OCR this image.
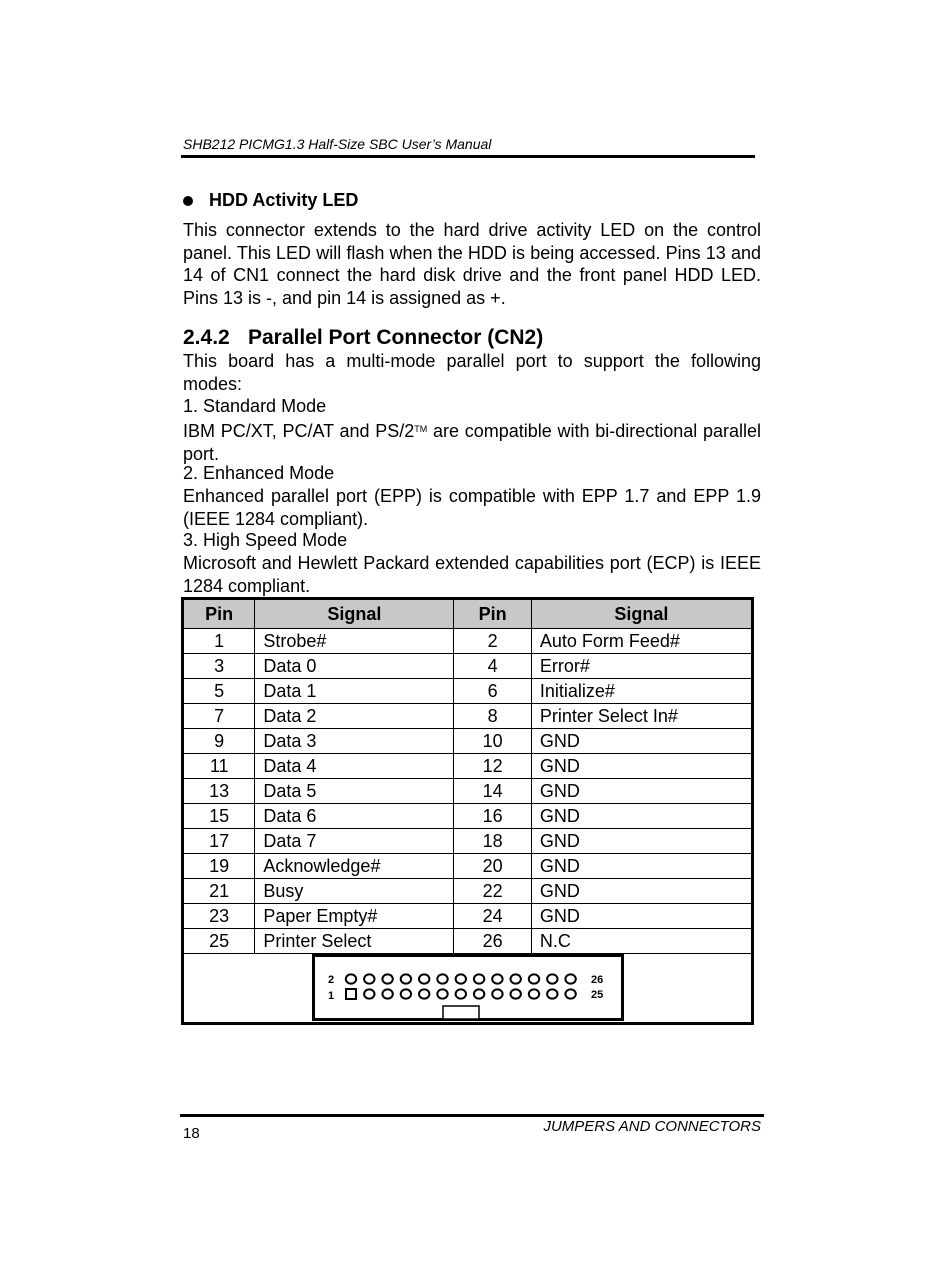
SHB212 PICMG1.3 Half-Size SBC User’s Manual
HDD Activity LED
This connector extends to the hard drive activity LED on the control panel. This LED will flash when the HDD is being accessed. Pins 13 and 14 of CN1 connect the hard disk drive and the front panel HDD LED. Pins 13 is -, and pin 14 is assigned as +.
2.4.2 Parallel Port Connector (CN2)
This board has a multi-mode parallel port to support the following modes:
1. Standard Mode
IBM PC/XT, PC/AT and PS/2™ are compatible with bi-directional parallel port.
2. Enhanced Mode
Enhanced parallel port (EPP) is compatible with EPP 1.7 and EPP 1.9 (IEEE 1284 compliant).
3. High Speed Mode
Microsoft and Hewlett Packard extended capabilities port (ECP) is IEEE 1284 compliant.
Pin	Signal	Pin	Signal
1	Strobe#	2	Auto Form Feed#
3	Data 0	4	Error#
5	Data 1	6	Initialize#
7	Data 2	8	Printer Select In#
9	Data 3	10	GND
11	Data 4	12	GND
13	Data 5	14	GND
15	Data 6	16	GND
17	Data 7	18	GND
19	Acknowledge#	20	GND
21	Busy	22	GND
23	Paper Empty#	24	GND
25	Printer Select	26	N.C

2 26
1 25			
18	JUMPERS AND CONNECTORS
